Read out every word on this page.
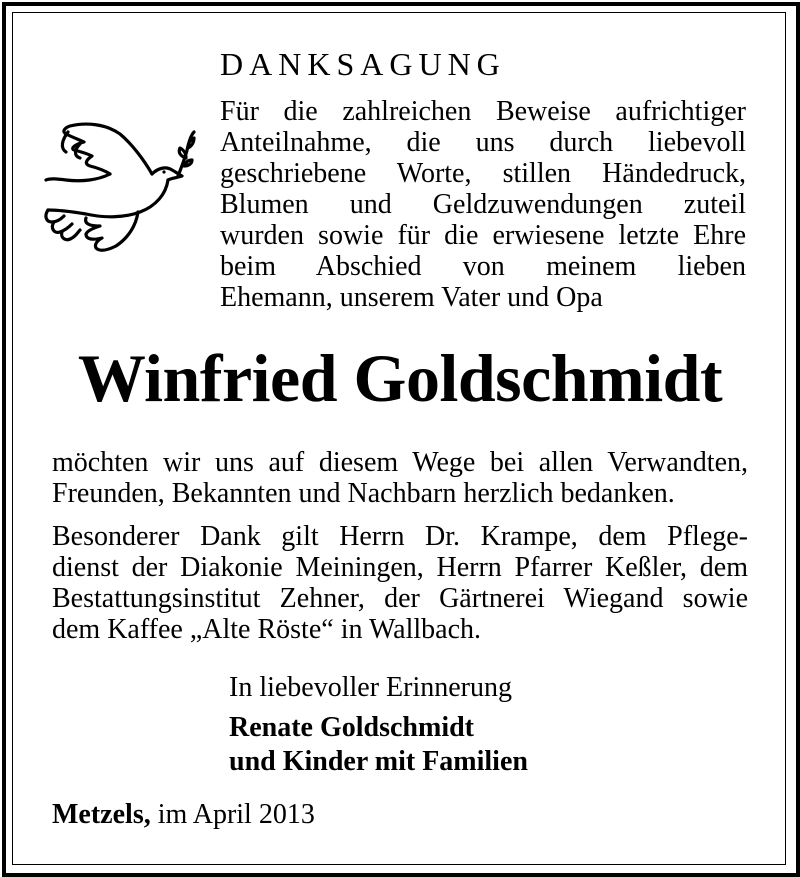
DANKSAGUNG
Für die zahlreichen Beweise aufrichtiger
Anteilnahme, die uns durch liebevoll
geschriebene Worte, stillen Händedruck,
Blumen und Geldzuwendungen zuteil
wurden sowie für die erwiesene letzte Ehre
beim Abschied von meinem lieben
Ehemann, unserem Vater und Opa
Winfried Goldschmidt
möchten wir uns auf diesem Wege bei allen Verwandten,
Freunden, Bekannten und Nachbarn herzlich bedanken.
Besonderer Dank gilt Herrn Dr. Krampe, dem Pflege-
dienst der Diakonie Meiningen, Herrn Pfarrer Keßler, dem
Bestattungsinstitut Zehner, der Gärtnerei Wiegand sowie
dem Kaffee „Alte Röste“ in Wallbach.
In liebevoller Erinnerung
Renate Goldschmidt
und Kinder mit Familien
Metzels, im April 2013
